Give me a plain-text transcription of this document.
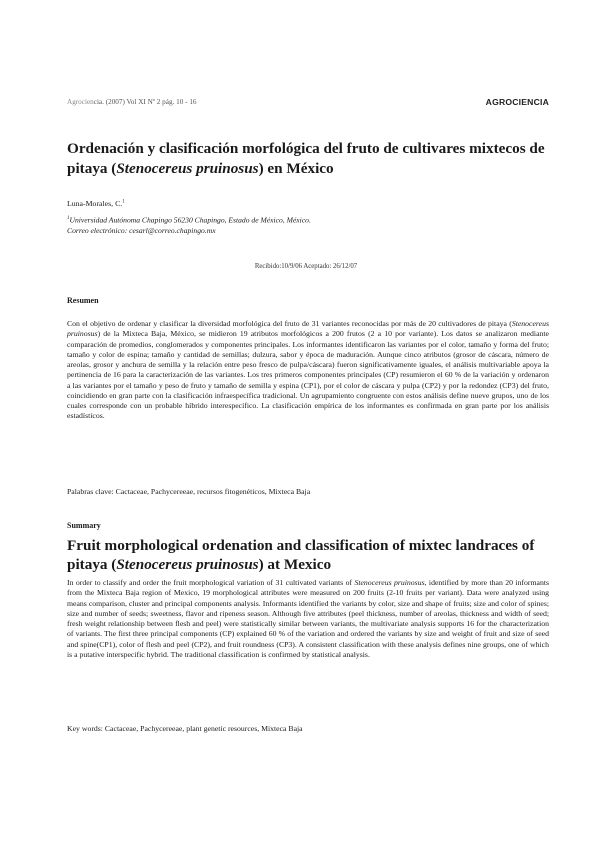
Agrociencia. (2007) Vol XI Nº 2 pág. 10 - 16	AGROCIENCIA
Ordenación y clasificación morfológica del fruto de cultivares mixtecos de pitaya (Stenocereus pruinosus) en México
Luna-Morales, C.$^1$
$^1$Universidad Autónoma Chapingo 56230 Chapingo, Estado de México, México.
Correo electrónico: cesarl@correo.chapingo.mx
Recibido:10/9/06 Aceptado: 26/12/07
Resumen
Con el objetivo de ordenar y clasificar la diversidad morfológica del fruto de 31 variantes reconocidas por más de 20 cultivadores de pitaya (Stenocereus pruinosus) de la Mixteca Baja, México, se midieron 19 atributos morfológicos a 200 frutos (2 a 10 por variante). Los datos se analizaron mediante comparación de promedios, conglomerados y componentes principales. Los informantes identificaron las variantes por el color, tamaño y forma del fruto; tamaño y color de espina; tamaño y cantidad de semillas; dulzura, sabor y época de maduración. Aunque cinco atributos (grosor de cáscara, número de areolas, grosor y anchura de semilla y la relación entre peso fresco de pulpa/cáscara) fueron significativamente iguales, el análisis multivariable apoya la pertinencia de 16 para la caracterización de las variantes. Los tres primeros componentes principales (CP) resumieron el 60 % de la variación y ordenaron a las variantes por el tamaño y peso de fruto y tamaño de semilla y espina (CP1), por el color de cáscara y pulpa (CP2) y por la redondez (CP3) del fruto, coincidiendo en gran parte con la clasificación infraespecífica tradicional. Un agrupamiento congruente con estos análisis define nueve grupos, uno de los cuales corresponde con un probable híbrido interespecífico. La clasificación empírica de los informantes es confirmada en gran parte por los análisis estadísticos.
Palabras clave: Cactaceae, Pachycereeae, recursos fitogenéticos, Mixteca Baja
Summary
Fruit morphological ordenation and classification of mixtec landraces of pitaya (Stenocereus pruinosus) at Mexico
In order to classify and order the fruit morphological variation of 31 cultivated variants of Stenocereus pruinosus, identified by more than 20 informants from the Mixteca Baja region of Mexico, 19 morphological attributes were measured on 200 fruits (2-10 fruits per variant). Data were analyzed using means comparison, cluster and principal components analysis. Informants identified the variants by color, size and shape of fruits; size and color of spines; size and number of seeds; sweetness, flavor and ripeness season. Although five attributes (peel thickness, number of areolas, thickness and width of seed; fresh weight relationship between flesh and peel) were statistically similar between variants, the multivariate analysis supports 16 for the characterization of variants. The first three principal components (CP) explained 60 % of the variation and ordered the variants by size and weight of fruit and size of seed and spine(CP1), color of flesh and peel (CP2), and fruit roundness (CP3). A consistent classification with these analysis defines nine groups, one of which is a putative interspecific hybrid. The traditional classification is confirmed by statistical analysis.
Key words: Cactaceae, Pachycereeae, plant genetic resources, Mixteca Baja
